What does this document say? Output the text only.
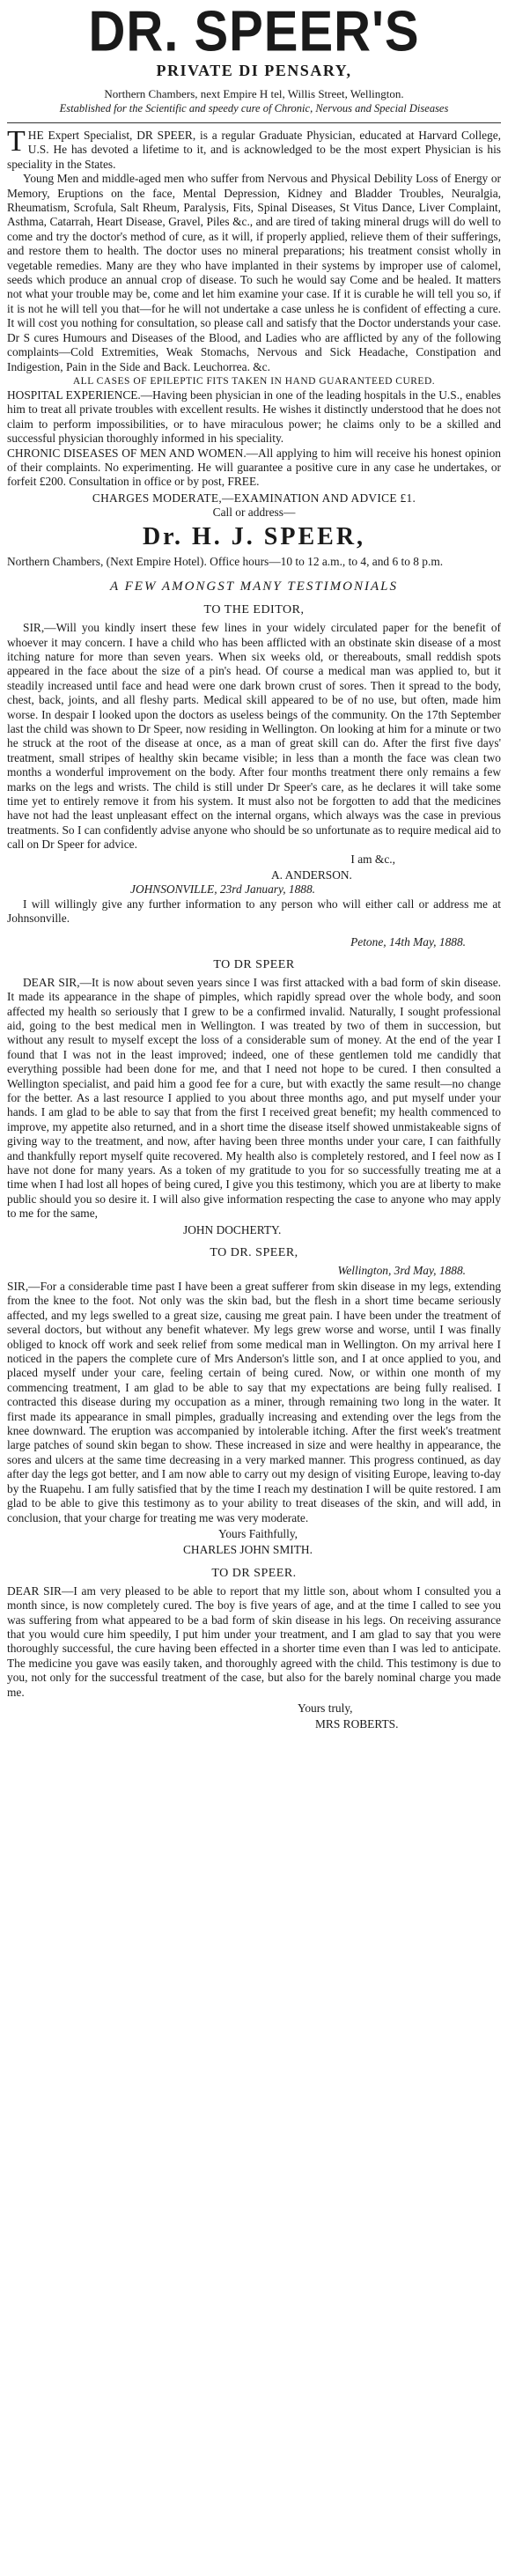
DR. SPEER'S
PRIVATE DI PENSARY,

Northern Chambers, next Empire H tel, Willis Street, Wellington.

Established for the Scientific and speedy cure of Chronic, Nervous and Special Diseases

THE Expert Specialist, DR SPEER, is a regular Graduate Physician, educated at Harvard College, U.S. He has devoted a lifetime to it, and is acknowledged to be the most expert Physician is his speciality in the States.

Young Men and middle-aged men who suffer from Nervous and Physical Debility Loss of Energy or Memory, Eruptions on the face, Mental Depression, Kidney and Bladder Troubles, Neuralgia, Rheumatism, Scrofula, Salt Rheum, Paralysis, Fits, Spinal Diseases, St Vitus Dance, Liver Complaint, Asthma, Catarrah, Heart Disease, Gravel, Piles &c., and are tired of taking mineral drugs will do well to come and try the doctor's method of cure, as it will, if properly applied, relieve them of their sufferings, and restore them to health. The doctor uses no mineral preparations; his treatment consist wholly in vegetable remedies. Many are they who have implanted in their systems by improper use of calomel, seeds which produce an annual crop of disease. To such he would say Come and be healed. It matters not what your trouble may be, come and let him examine your case. If it is curable he will tell you so, if it is not he will tell you that—for he will not undertake a case unless he is confident of effecting a cure. It will cost you nothing for consultation, so please call and satisfy that the Doctor understands your case. Dr S cures Humours and Diseases of the Blood, and Ladies who are afflicted by any of the following complaints—Cold Extremities, Weak Stomachs, Nervous and Sick Headache, Constipation and Indigestion, Pain in the Side and Back. Leuchorrea. &c.

ALL CASES OF EPILEPTIC FITS TAKEN IN HAND GUARANTEED CURED.

HOSPITAL EXPERIENCE.—Having been physician in one of the leading hospitals in the U.S., enables him to treat all private troubles with excellent results. He wishes it distinctly understood that he does not claim to perform impossibilities, or to have miraculous power; he claims only to be a skilled and successful physician thoroughly informed in his speciality.

CHRONIC DISEASES OF MEN AND WOMEN.—All applying to him will receive his honest opinion of their complaints. No experimenting. He will guarantee a positive cure in any case he undertakes, or forfeit £200. Consultation in office or by post, FREE.

CHARGES MODERATE,—EXAMINATION AND ADVICE £1.

Call or address—

Dr. H. J. SPEER,

Northern Chambers, (Next Empire Hotel). Office hours—10 to 12 a.m., to 4, and 6 to 8 p.m.

A FEW AMONGST MANY TESTIMONIALS

TO THE EDITOR,

SIR,—Will you kindly insert these few lines in your widely circulated paper for the benefit of whoever it may concern. I have a child who has been afflicted with an obstinate skin disease of a most itching nature for more than seven years. When six weeks old, or thereabouts, small reddish spots appeared in the face about the size of a pin's head. Of course a medical man was applied to, but it steadily increased until face and head were one dark brown crust of sores. Then it spread to the body, chest, back, joints, and all fleshy parts. Medical skill appeared to be of no use, but often, made him worse. In despair I looked upon the doctors as useless beings of the community. On the 17th September last the child was shown to Dr Speer, now residing in Wellington. On looking at him for a minute or two he struck at the root of the disease at once, as a man of great skill can do. After the first five days' treatment, small stripes of healthy skin became visible; in less than a month the face was clean two months a wonderful improvement on the body. After four months treatment there only remains a few marks on the legs and wrists. The child is still under Dr Speer's care, as he declares it will take some time yet to entirely remove it from his system. It must also not be forgotten to add that the medicines have not had the least unpleasant effect on the internal organs, which always was the case in previous treatments. So I can confidently advise anyone who should be so unfortunate as to require medical aid to call on Dr Speer for advice.

I am &c.,

A. ANDERSON.

JOHNSONVILLE, 23rd January, 1888.

I will willingly give any further information to any person who will either call or address me at Johnsonville.

Petone, 14th May, 1888.

TO DR SPEER

DEAR SIR,—It is now about seven years since I was first attacked with a bad form of skin disease. It made its appearance in the shape of pimples, which rapidly spread over the whole body, and soon affected my health so seriously that I grew to be a confirmed invalid. Naturally, I sought professional aid, going to the best medical men in Wellington. I was treated by two of them in succession, but without any result to myself except the loss of a considerable sum of money. At the end of the year I found that I was not in the least improved; indeed, one of these gentlemen told me candidly that everything possible had been done for me, and that I need not hope to be cured. I then consulted a Wellington specialist, and paid him a good fee for a cure, but with exactly the same result—no change for the better. As a last resource I applied to you about three months ago, and put myself under your hands. I am glad to be able to say that from the first I received great benefit; my health commenced to improve, my appetite also returned, and in a short time the disease itself showed unmistakeable signs of giving way to the treatment, and now, after having been three months under your care, I can faithfully and thankfully report myself quite recovered. My health also is completely restored, and I feel now as I have not done for many years. As a token of my gratitude to you for so successfully treating me at a time when I had lost all hopes of being cured, I give you this testimony, which you are at liberty to make public should you so desire it. I will also give information respecting the case to anyone who may apply to me for the same,

JOHN DOCHERTY.

TO DR. SPEER,

Wellington, 3rd May, 1888.

SIR,—For a considerable time past I have been a great sufferer from skin disease in my legs, extending from the knee to the foot. Not only was the skin bad, but the flesh in a short time became seriously affected, and my legs swelled to a great size, causing me great pain. I have been under the treatment of several doctors, but without any benefit whatever. My legs grew worse and worse, until I was finally obliged to knock off work and seek relief from some medical man in Wellington. On my arrival here I noticed in the papers the complete cure of Mrs Anderson's little son, and I at once applied to you, and placed myself under your care, feeling certain of being cured. Now, or within one month of my commencing treatment, I am glad to be able to say that my expectations are being fully realised. I contracted this disease during my occupation as a miner, through remaining two long in the water. It first made its appearance in small pimples, gradually increasing and extending over the legs from the knee downward. The eruption was accompanied by intolerable itching. After the first week's treatment large patches of sound skin began to show. These increased in size and were healthy in appearance, the sores and ulcers at the same time decreasing in a very marked manner. This progress continued, as day after day the legs got better, and I am now able to carry out my design of visiting Europe, leaving to-day by the Ruapehu. I am fully satisfied that by the time I reach my destination I will be quite restored. I am glad to be able to give this testimony as to your ability to treat diseases of the skin, and will add, in conclusion, that your charge for treating me was very moderate.

Yours Faithfully,

CHARLES JOHN SMITH.

TO DR SPEER.

DEAR SIR—I am very pleased to be able to report that my little son, about whom I consulted you a month since, is now completely cured. The boy is five years of age, and at the time I called to see you was suffering from what appeared to be a bad form of skin disease in his legs. On receiving assurance that you would cure him speedily, I put him under your treatment, and I am glad to say that you were thoroughly successful, the cure having been effected in a shorter time even than I was led to anticipate. The medicine you gave was easily taken, and thoroughly agreed with the child. This testimony is due to you, not only for the successful treatment of the case, but also for the barely nominal charge you made me.

Yours truly,

MRS ROBERTS.
